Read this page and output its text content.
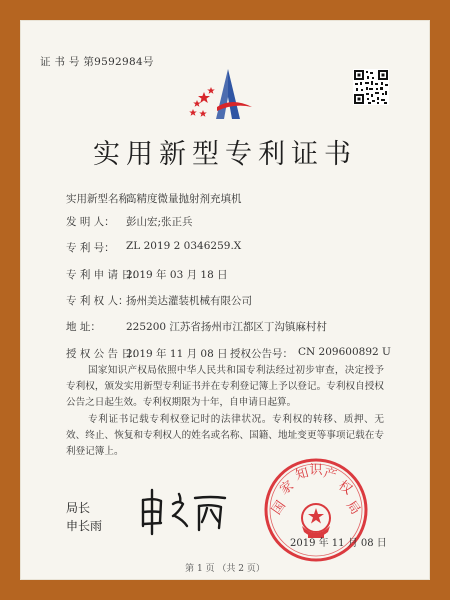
证 书 号 第9592984号
实用新型专利证书
实用新型名称：
高精度微量抛射剂充填机
发 明 人： 彭山宏;张正兵
专 利 号： ZL 2019 2 0346259.X
专 利 申 请 日：
2019 年 03 月 18 日
专 利 权 人：
扬州美达灌装机械有限公司
地 址： 225200 江苏省扬州市江都区丁沟镇麻村村
授 权 公 告 日：
2019 年 11 月 08 日 授权公告号： CN 209600892 U
国家知识产权局依照中华人民共和国专利法经过初步审查，决定授予专利权，颁发实用新型专利证书并在专利登记簿上予以登记。专利权自授权公告之日起生效。专利权期限为十年，自申请日起算。
专利证书记载专利权登记时的法律状况。专利权的转移、质押、无效、终止、恢复和专利权人的姓名或名称、国籍、地址变更等事项记载在专利登记簿上。
局长
申长雨
国
家
知 识 产
权
局
2019 年 11 月 08 日
第 1 页 （共 2 页）
